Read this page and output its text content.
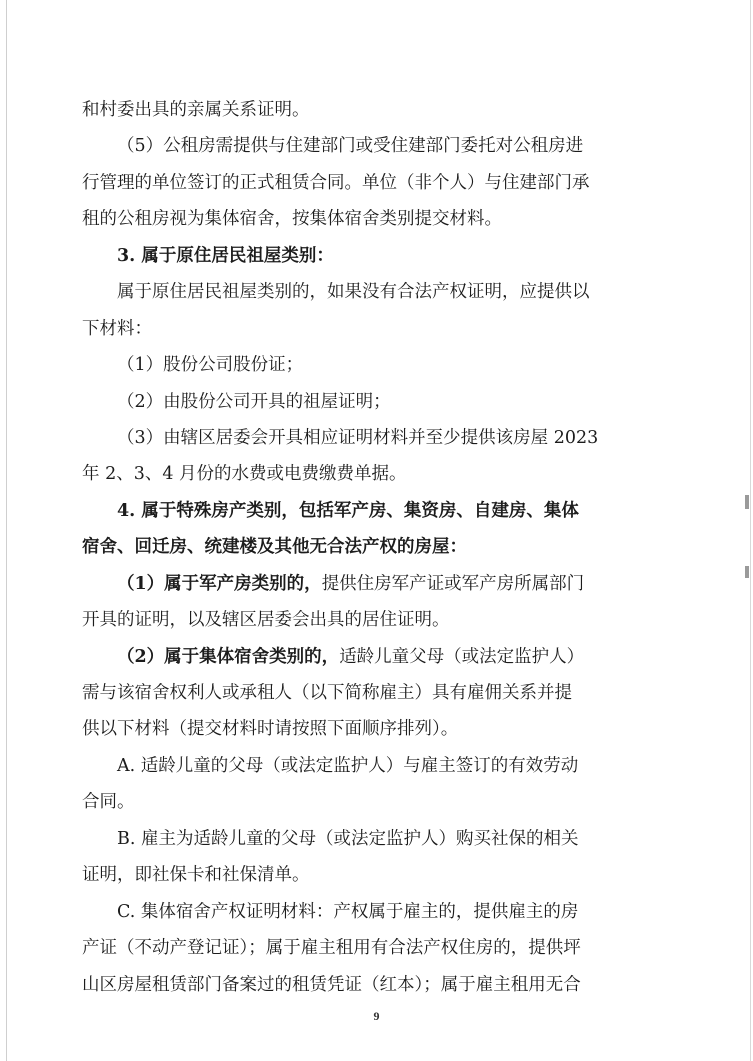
和村委出具的亲属关系证明。
（5）公租房需提供与住建部门或受住建部门委托对公租房进
行管理的单位签订的正式租赁合同。单位（非个人）与住建部门承
租的公租房视为集体宿舍，按集体宿舍类别提交材料。
3. 属于原住居民祖屋类别：
属于原住居民祖屋类别的，如果没有合法产权证明，应提供以
下材料：
（1）股份公司股份证；
（2）由股份公司开具的祖屋证明；
（3）由辖区居委会开具相应证明材料并至少提供该房屋 2023
年 2、3、4 月份的水费或电费缴费单据。
4. 属于特殊房产类别，包括军产房、集资房、自建房、集体
宿舍、回迁房、统建楼及其他无合法产权的房屋：
（1）属于军产房类别的，提供住房军产证或军产房所属部门
开具的证明，以及辖区居委会出具的居住证明。
（2）属于集体宿舍类别的，适龄儿童父母（或法定监护人）
需与该宿舍权利人或承租人（以下简称雇主）具有雇佣关系并提
供以下材料（提交材料时请按照下面顺序排列）。
A. 适龄儿童的父母（或法定监护人）与雇主签订的有效劳动
合同。
B. 雇主为适龄儿童的父母（或法定监护人）购买社保的相关
证明，即社保卡和社保清单。
C. 集体宿舍产权证明材料：产权属于雇主的，提供雇主的房
产证（不动产登记证）；属于雇主租用有合法产权住房的，提供坪
山区房屋租赁部门备案过的租赁凭证（红本）；属于雇主租用无合
9
